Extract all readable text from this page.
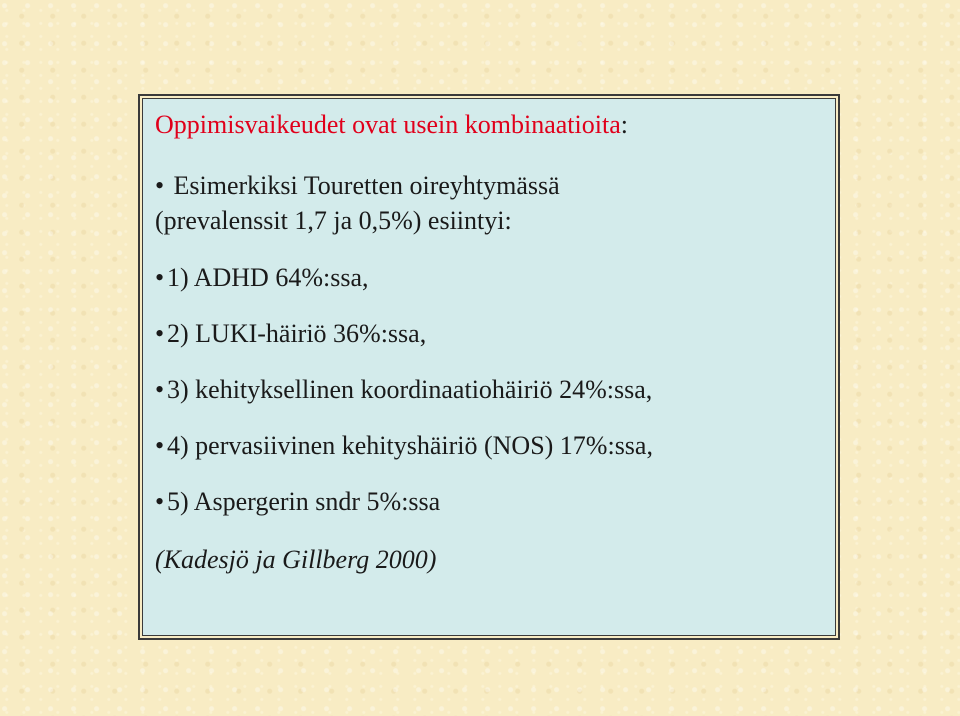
Oppimisvaikeudet ovat usein kombinaatioita:
• Esimerkiksi Touretten oireyhtymässä
(prevalenssit 1,7 ja 0,5%) esiintyi:
• 1) ADHD 64%:ssa,
• 2) LUKI-häiriö 36%:ssa,
• 3) kehityksellinen koordinaatiohäiriö 24%:ssa,
• 4) pervasiivinen kehityshäiriö (NOS) 17%:ssa,
• 5) Aspergerin sndr 5%:ssa
(Kadesjö ja Gillberg 2000)
